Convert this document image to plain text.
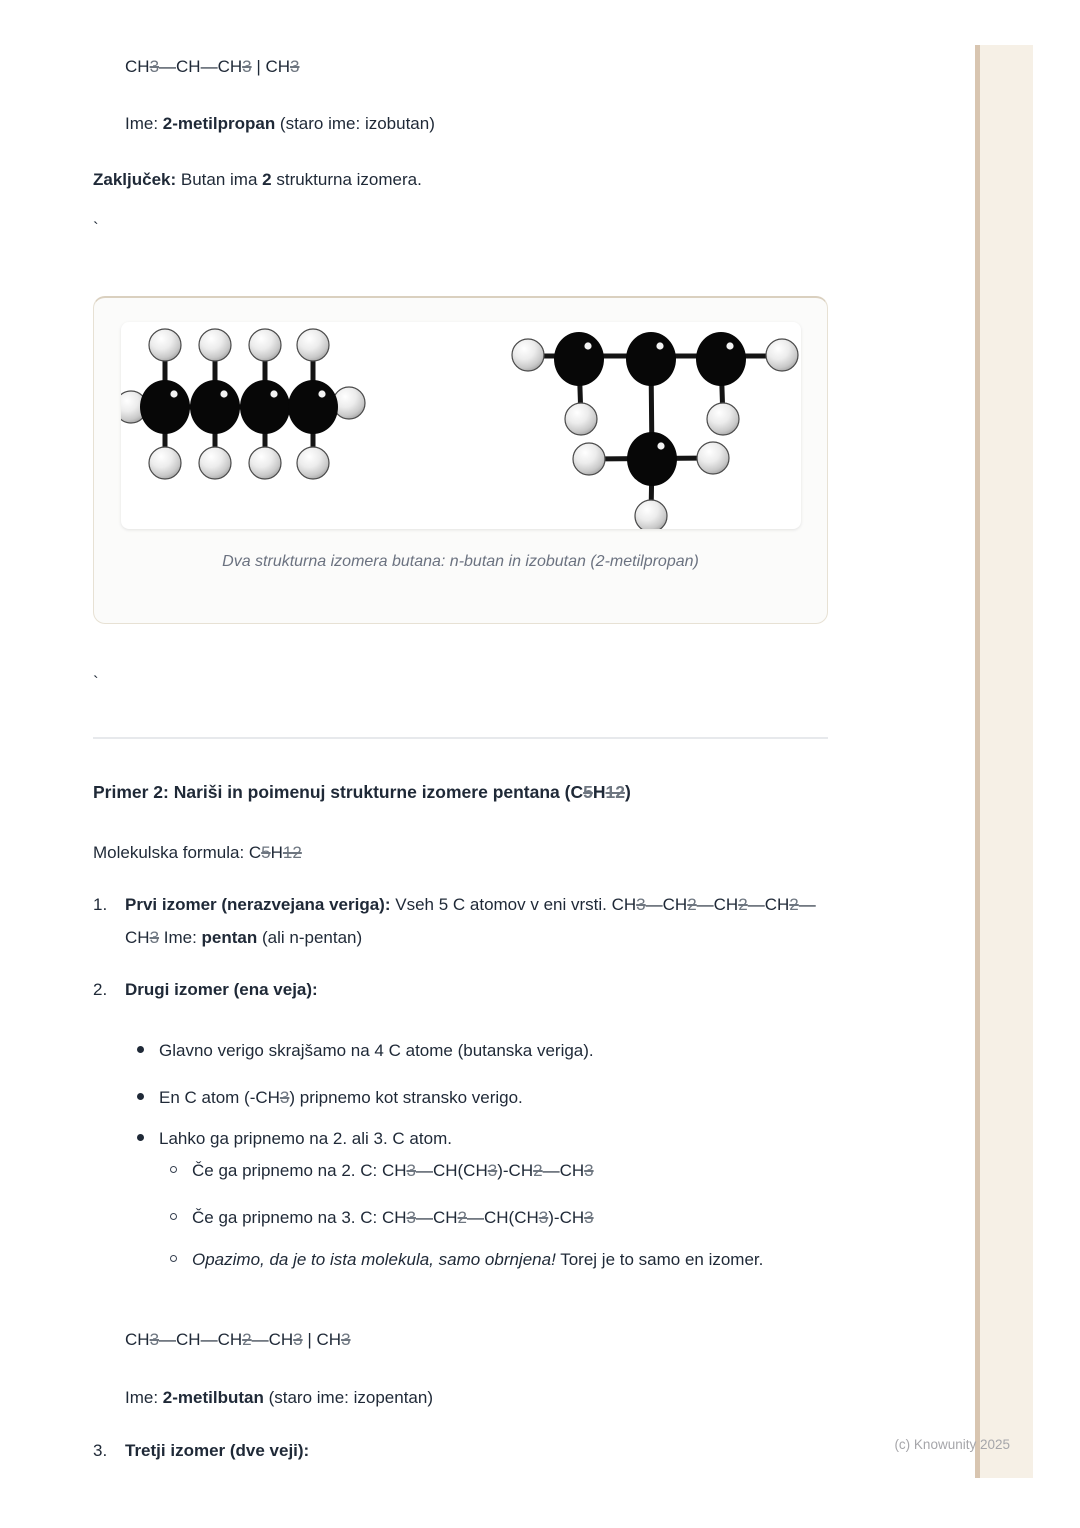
CH3—CH—CH3 | CH3
Ime: 2-metilpropan (staro ime: izobutan)
Zaključek: Butan ima 2 strukturna izomera.
`
Dva strukturna izomera butana: n-butan in izobutan (2-metilpropan)
`
Primer 2: Nariši in poimenuj strukturne izomere pentana (C5H12)
Molekulska formula: C5H12
1.	Prvi izomer (nerazvejana veriga): Vseh 5 C atomov v eni vrsti. CH3—CH2—CH2—CH2—CH3 Ime: pentan (ali n-pentan)
2.	Drugi izomer (ena veja):
Glavno verigo skrajšamo na 4 C atome (butanska veriga).
En C atom (-CH3) pripnemo kot stransko verigo.
Lahko ga pripnemo na 2. ali 3. C atom.
Če ga pripnemo na 2. C: CH3—CH(CH3)-CH2—CH3
Če ga pripnemo na 3. C: CH3—CH2—CH(CH3)-CH3
Opazimo, da je to ista molekula, samo obrnjena! Torej je to samo en izomer.
CH3—CH—CH2—CH3 | CH3
Ime: 2-metilbutan (staro ime: izopentan)
3.	Tretji izomer (dve veji):	(c) Knowunity 2025
